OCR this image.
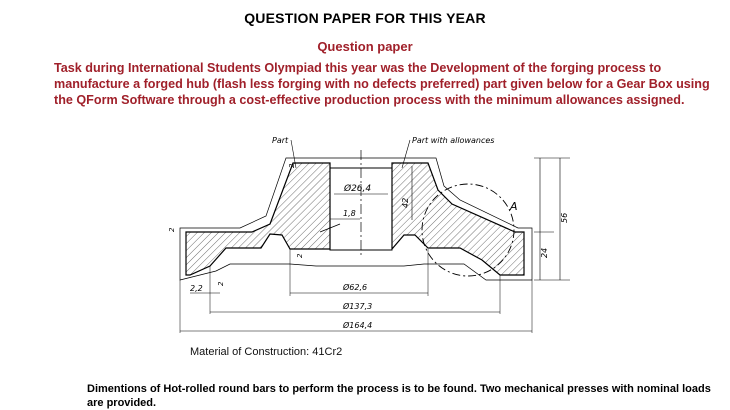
QUESTION PAPER FOR THIS YEAR
Question paper
Task during International Students Olympiad this year was the Development of the forging process to manufacture a forged hub (flash less forging with no defects preferred) part given below for a Gear Box using the QForm Software through a cost-effective production process with the minimum allowances assigned.
A
Part	Part with allowances
Ø26,4
1,8
42
2
2
2
2
56
24
2,2	Ø62,6
Ø137,3
Ø164,4
Material of Construction: 41Cr2
Dimentions of Hot-rolled round bars to perform the process is to be found. Two mechanical presses with nominal loads are provided.
